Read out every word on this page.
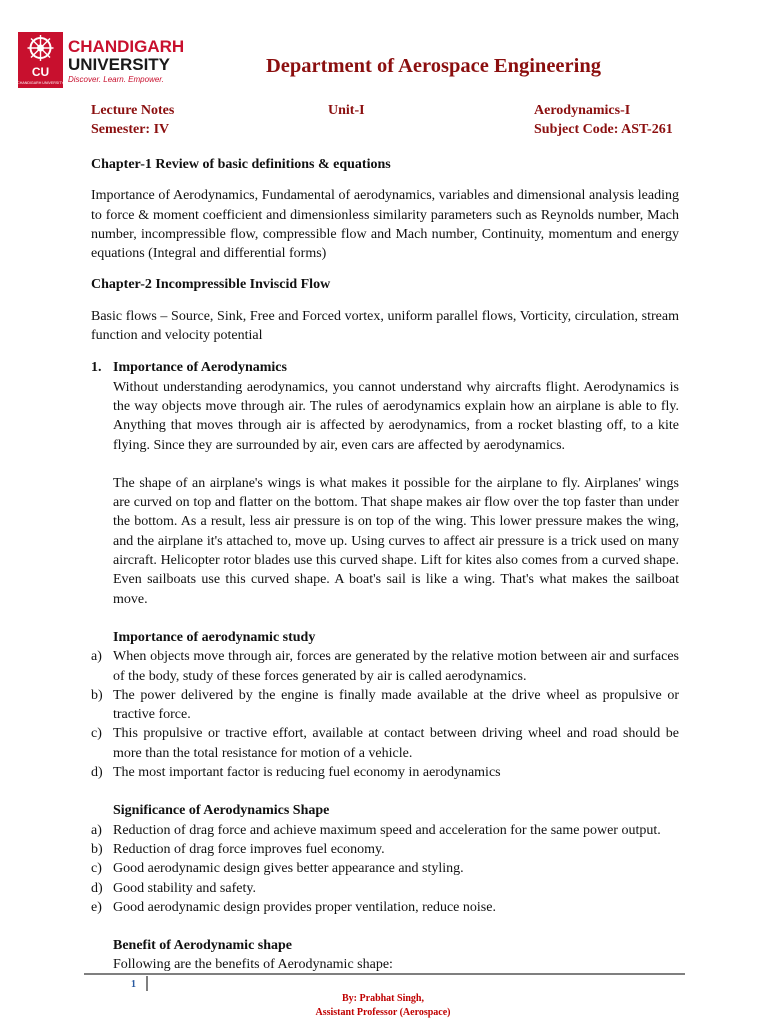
CU
CHANDIGARH UNIVERSITY
CHANDIGARH
UNIVERSITY
Discover. Learn. Empower.
Department of Aerospace Engineering
Lecture Notes
Semester: IV
Unit-I	Aerodynamics-I
Subject Code: AST-261

Chapter-1 Review of basic definitions & equations

Importance of Aerodynamics, Fundamental of aerodynamics, variables and dimensional analysis leading to force & moment coefficient and dimensionless similarity parameters such as Reynolds number, Mach number, incompressible flow, compressible flow and Mach number, Continuity, momentum and energy equations (Integral and differential forms)

Chapter-2 Incompressible Inviscid Flow

Basic flows – Source, Sink, Free and Forced vortex, uniform parallel flows, Vorticity, circulation, stream function and velocity potential

1. Importance of Aerodynamics

Without understanding aerodynamics, you cannot understand why aircrafts flight. Aerodynamics is the way objects move through air. The rules of aerodynamics explain how an airplane is able to fly. Anything that moves through air is affected by aerodynamics, from a rocket blasting off, to a kite flying. Since they are surrounded by air, even cars are affected by aerodynamics.

The shape of an airplane's wings is what makes it possible for the airplane to fly. Airplanes' wings are curved on top and flatter on the bottom. That shape makes air flow over the top faster than under the bottom. As a result, less air pressure is on top of the wing. This lower pressure makes the wing, and the airplane it's attached to, move up. Using curves to affect air pressure is a trick used on many aircraft. Helicopter rotor blades use this curved shape. Lift for kites also comes from a curved shape. Even sailboats use this curved shape. A boat's sail is like a wing. That's what makes the sailboat move.

Importance of aerodynamic study

a) When objects move through air, forces are generated by the relative motion between air and surfaces of the body, study of these forces generated by air is called aerodynamics.
b) The power delivered by the engine is finally made available at the drive wheel as propulsive or tractive force.
c) This propulsive or tractive effort, available at contact between driving wheel and road should be more than the total resistance for motion of a vehicle.
d) The most important factor is reducing fuel economy in aerodynamics

Significance of Aerodynamics Shape

a) Reduction of drag force and achieve maximum speed and acceleration for the same power output.
b) Reduction of drag force improves fuel economy.
c) Good aerodynamic design gives better appearance and styling.
d) Good stability and safety.
e) Good aerodynamic design provides proper ventilation, reduce noise.

Benefit of Aerodynamic shape

Following are the benefits of Aerodynamic shape:

1
By: Prabhat Singh,
Assistant Professor (Aerospace)
